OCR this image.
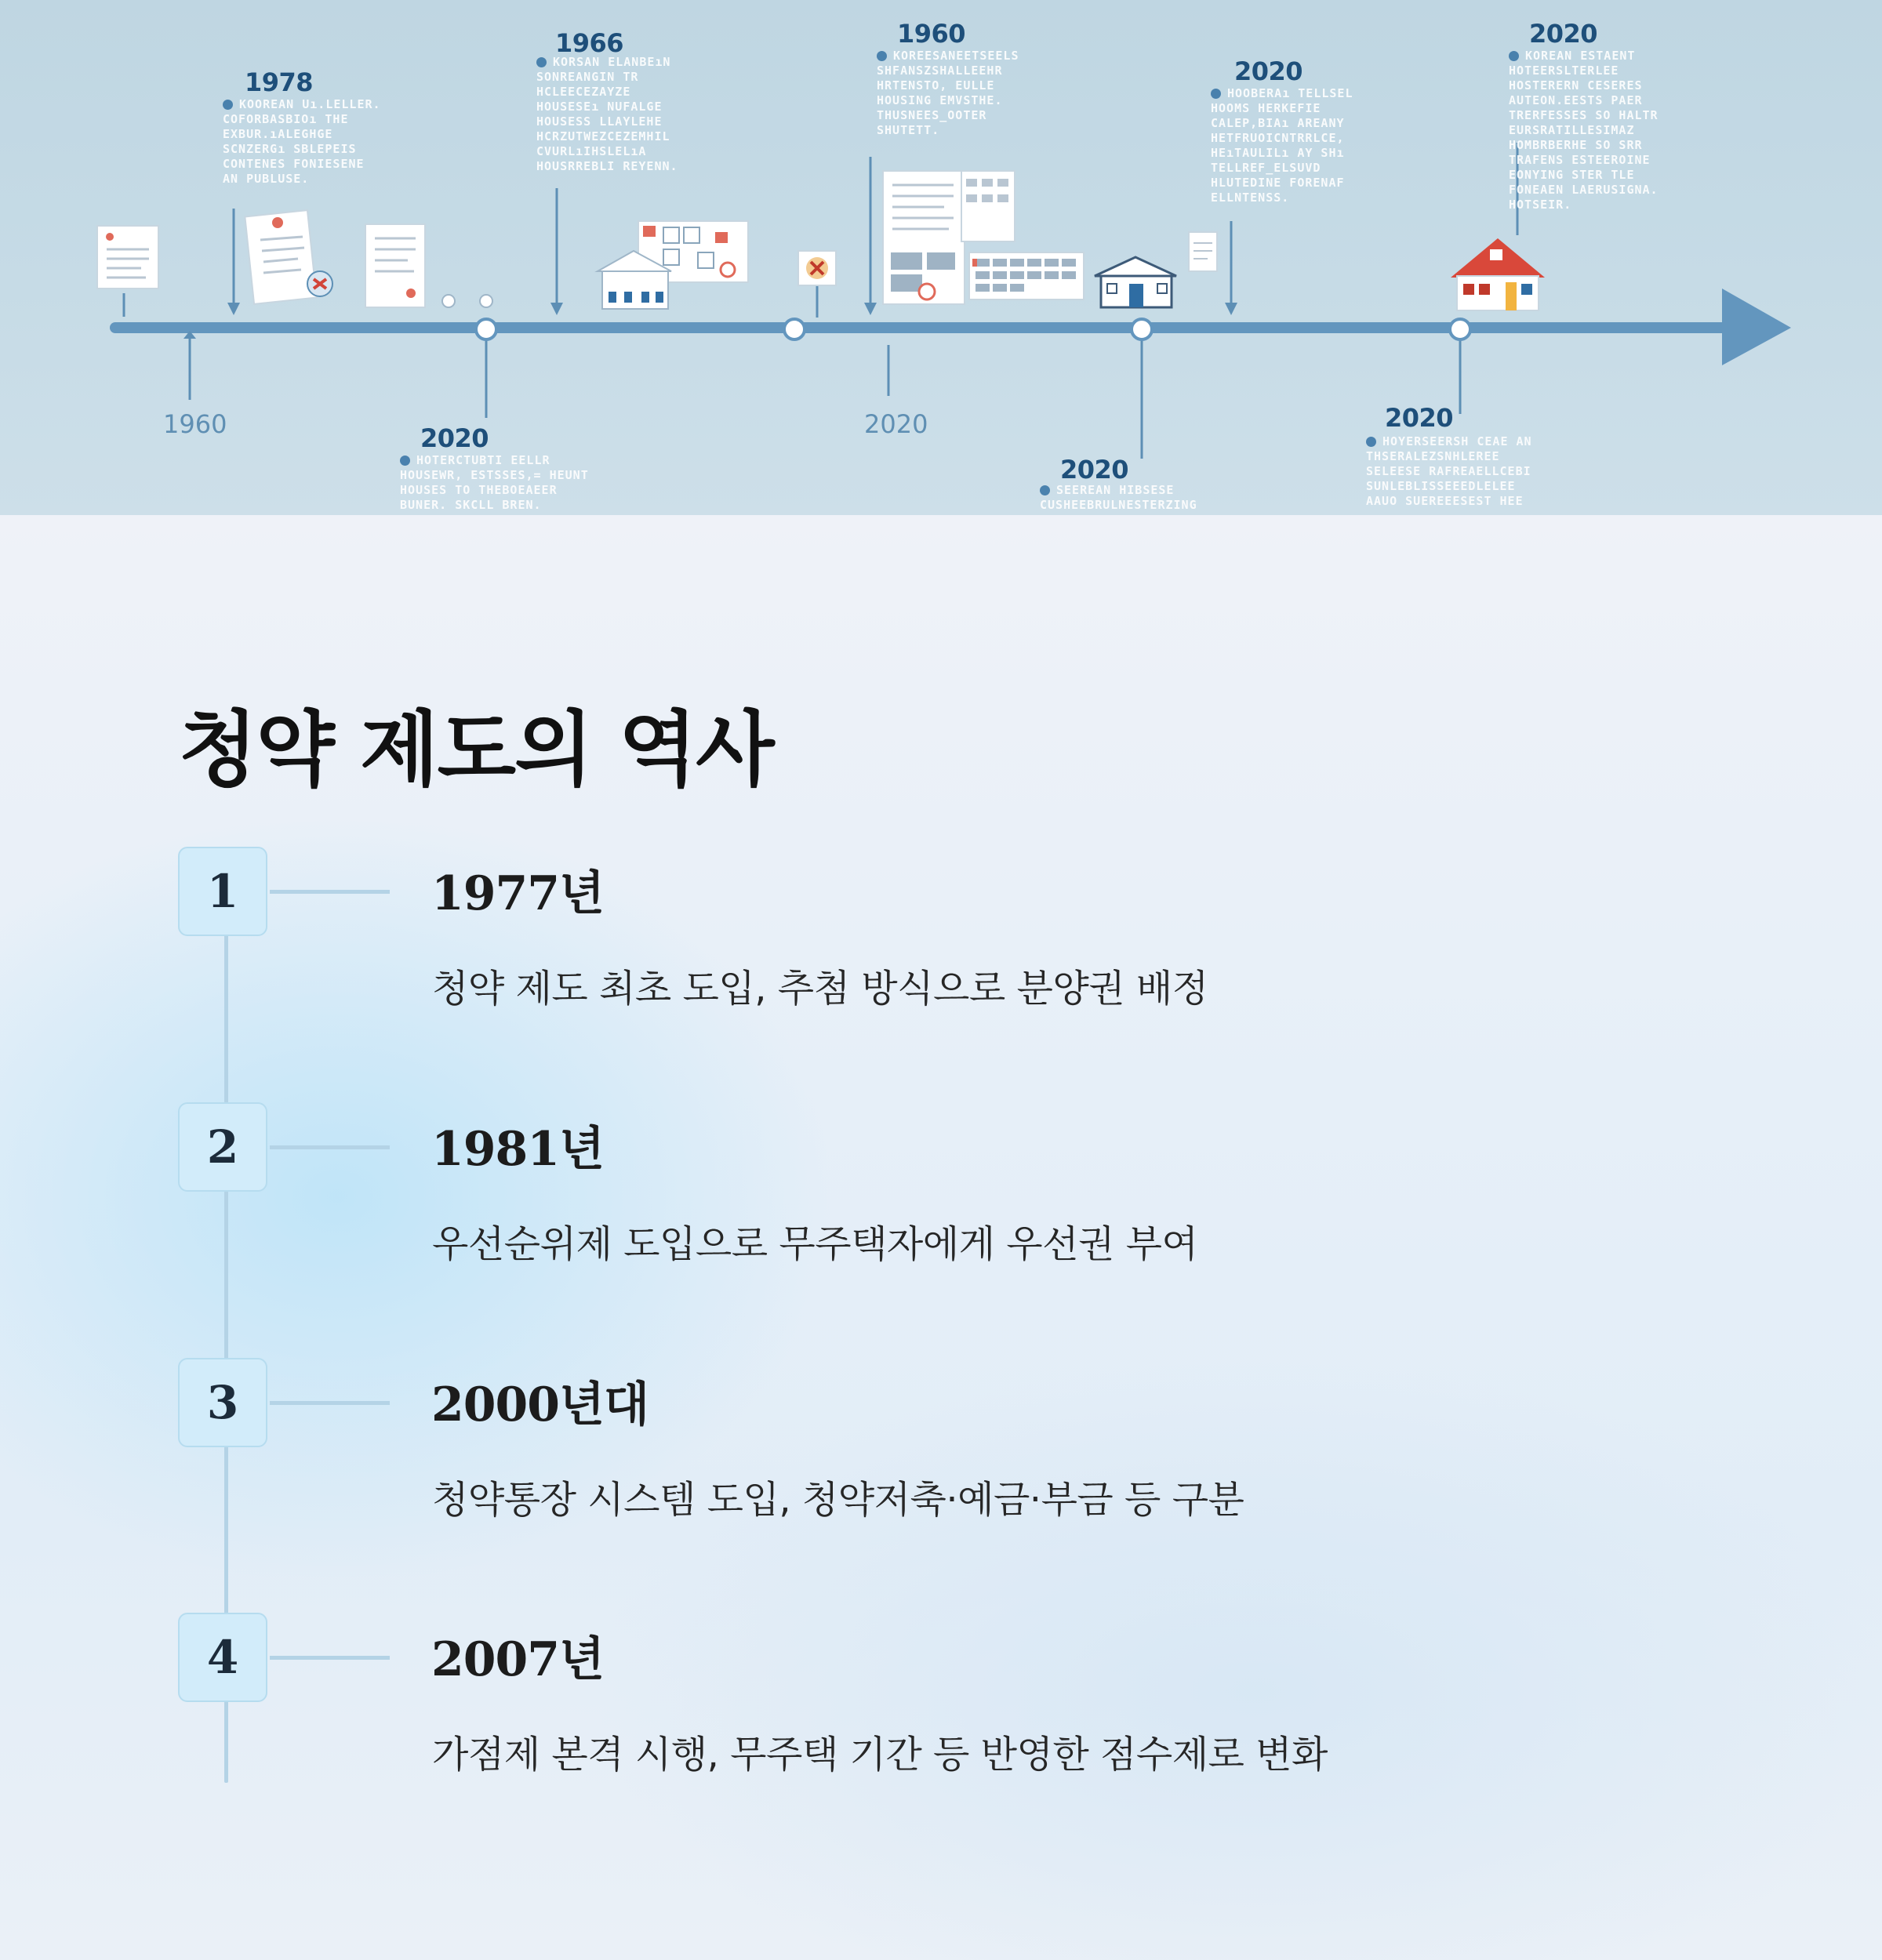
1978
1966	1960
2020
2020
2020
2020
2020
1960	2020
KOOREAN Uı.LELLER.
COFORBASBIOı THE
EXBUR.ıALEGHGE
SCNZERGı SBLEPEIS
CONTENES FONIESENE
AN PUBLUSE.
KORSAN ELANBEıN
SONREANGIN TR
HCLEECEZAYZE
HOUSESEı NUFALGE
HOUSESS LLAYLEHE
HCRZUTWEZCEZEMHIL
CVURLıIHSLELıA
HOUSRREBLI REYENN.
KOREESANEETSEELS
SHFANSZSHALLEEHR
HRTENSTO, EULLE
HOUSING EMVSTHE.
THUSNEES_OOTER
SHUTETT.
HOOBERAı TELLSEL
HOOMS HERKEFIE
CALEP,BIAı AREANY
HETFRUOICNTRRLCE,
HEıTAULILı AY SHı
TELLREF_ELSUVD
HLUTEDINE FORENAF
ELLNTENSS.
KOREAN ESTAENT
HOTEERSLTERLEE
HOSTERERN CESERES
AUTEON.EESTS PAER
TRERFESSES SO HALTR
EURSRATILLESIMAZ
HOMBRBERHE SO SRR
TRAFENS ESTEEROINE
EONYING STER TLE
FONEAEN LAERUSIGNA.
HOTSEIR.
HOTERCTUBTI EELLR
HOUSEWR, ESTSSES,= HEUNT
HOUSES TO THEBOEAEER
BUNER. SKCLL BREN.
SEEREAN HIBSESE
CUSHEEBRULNESTERZING
HOYERSEERSH CEAE AN
THSERALEZSNHLEREE
SELEESE RAFREAELLCEBI
SUNLEBLISSEEEDLELEE
AAUO SUEREEESEST HEE
청약 제도의 역사
1	1977년
청약 제도 최초 도입, 추첨 방식으로 분양권 배정
2	1981년
우선순위제 도입으로 무주택자에게 우선권 부여
3	2000년대
청약통장 시스템 도입, 청약저축·예금·부금 등 구분
4	2007년
가점제 본격 시행, 무주택 기간 등 반영한 점수제로 변화
